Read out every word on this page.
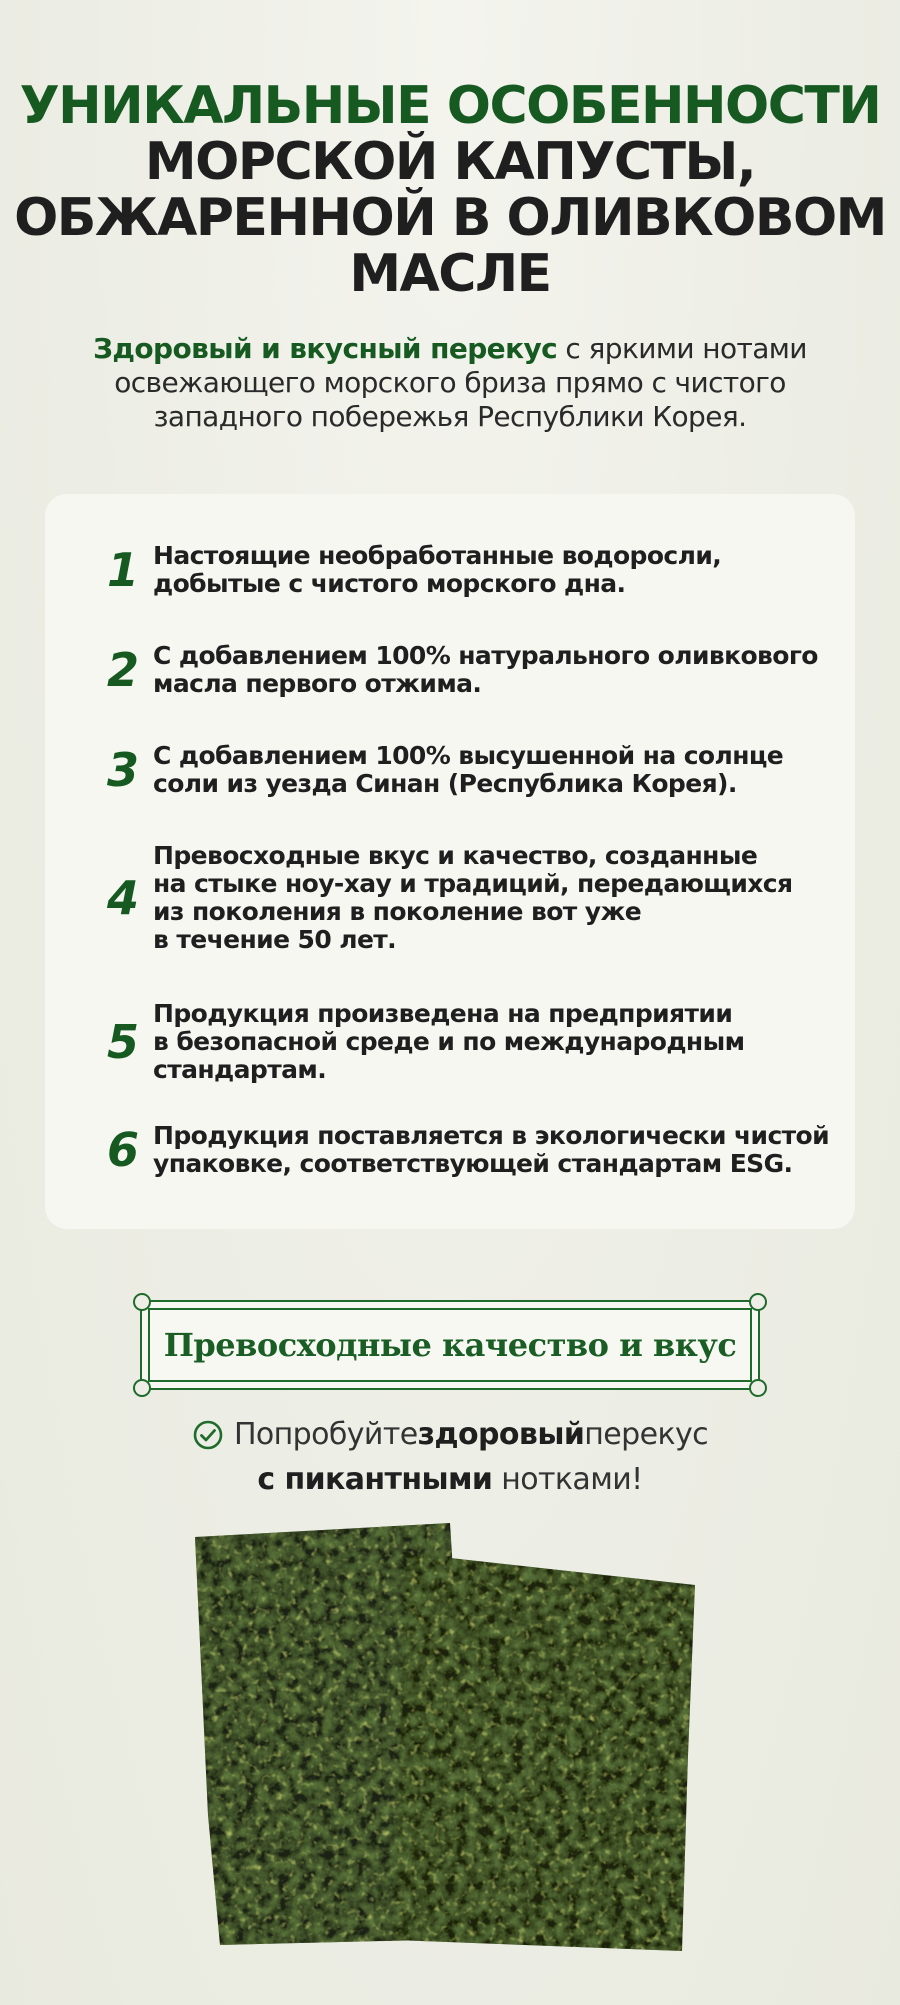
УНИКАЛЬНЫЕ ОСОБЕННОСТИ
МОРСКОЙ КАПУСТЫ,
ОБЖАРЕННОЙ В ОЛИВКОВОМ
МАСЛЕ

Здоровый и вкусный перекус с яркими нотами освежающего морского бриза прямо с чистого западного побережья Республики Корея.

1 Настоящие необработанные водоросли,
добытые с чистого морского дна.
2 С добавлением 100% натурального оливкового
масла первого отжима.
3 С добавлением 100% высушенной на солнце
соли из уезда Синан (Республика Корея).
4
Превосходные вкус и качество, созданные
на стыке ноу-хау и традиций, передающихся
из поколения в поколение вот уже
в течение 50 лет.
5
Продукция произведена на предприятии
в безопасной среде и по международным
стандартам.
6 Продукция поставляется в экологически чистой
упаковке, соответствующей стандартам ESG.
Превосходные качество и вкус
Попробуйте здоровый перекус
с пикантными нотками!
